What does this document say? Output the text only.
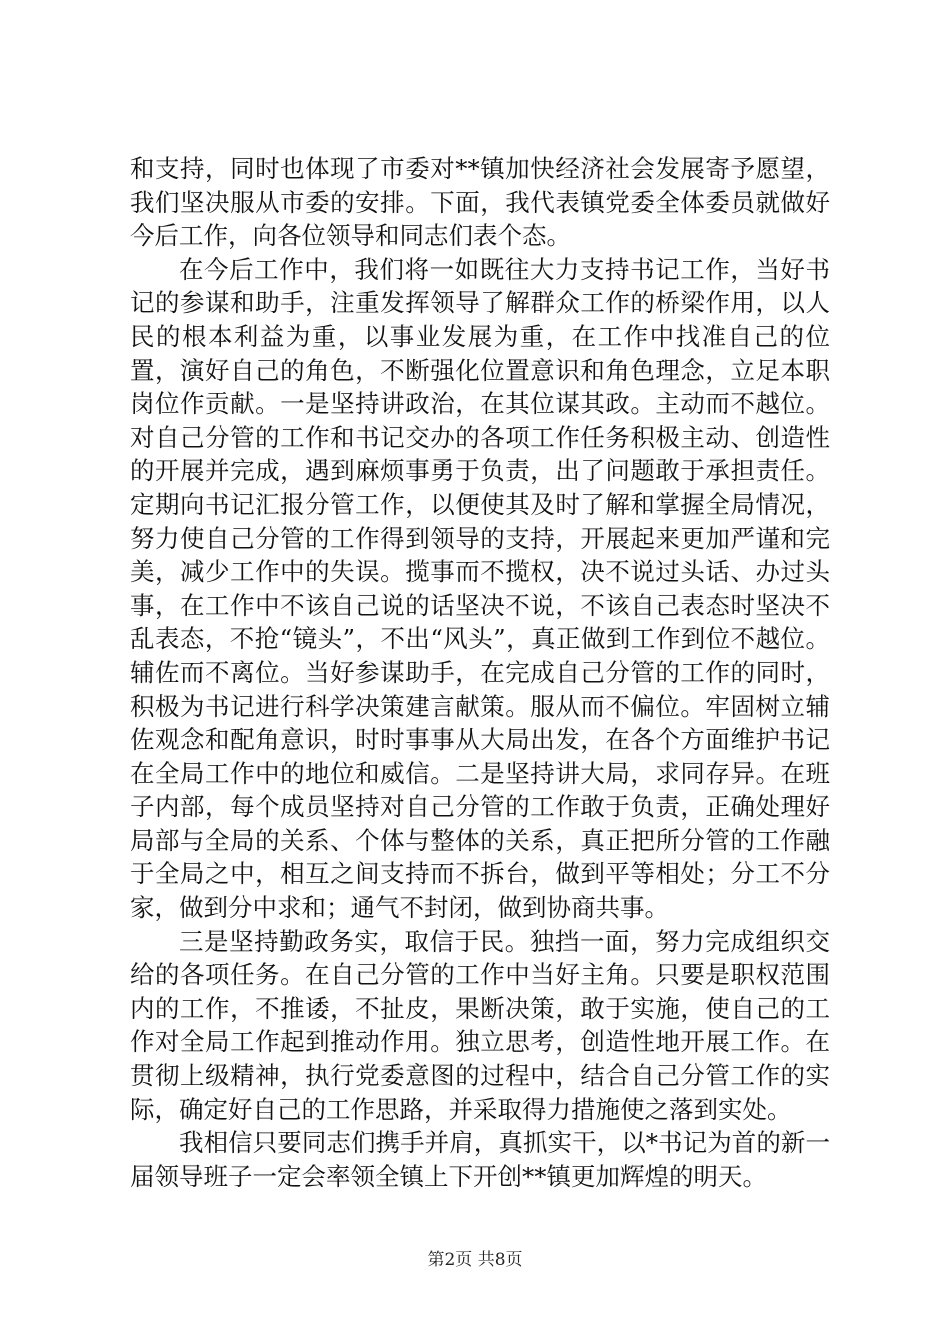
和支持，同时也体现了市委对**镇加快经济社会发展寄予愿望，我们坚决服从市委的安排。下面，我代表镇党委全体委员就做好今后工作，向各位领导和同志们表个态。

在今后工作中，我们将一如既往大力支持书记工作，当好书记的参谋和助手，注重发挥领导了解群众工作的桥梁作用，以人民的根本利益为重，以事业发展为重，在工作中找准自己的位置，演好自己的角色，不断强化位置意识和角色理念，立足本职岗位作贡献。一是坚持讲政治，在其位谋其政。主动而不越位。对自己分管的工作和书记交办的各项工作任务积极主动、创造性的开展并完成，遇到麻烦事勇于负责，出了问题敢于承担责任。定期向书记汇报分管工作，以便使其及时了解和掌握全局情况，努力使自己分管的工作得到领导的支持，开展起来更加严谨和完美，减少工作中的失误。揽事而不揽权，决不说过头话、办过头事，在工作中不该自己说的话坚决不说，不该自己表态时坚决不乱表态，不抢“镜头”，不出“风头”，真正做到工作到位不越位。辅佐而不离位。当好参谋助手，在完成自己分管的工作的同时，积极为书记进行科学决策建言献策。服从而不偏位。牢固树立辅佐观念和配角意识，时时事事从大局出发，在各个方面维护书记在全局工作中的地位和威信。二是坚持讲大局，求同存异。在班子内部，每个成员坚持对自己分管的工作敢于负责，正确处理好局部与全局的关系、个体与整体的关系，真正把所分管的工作融于全局之中，相互之间支持而不拆台，做到平等相处；分工不分家，做到分中求和；通气不封闭，做到协商共事。

三是坚持勤政务实，取信于民。独挡一面，努力完成组织交给的各项任务。在自己分管的工作中当好主角。只要是职权范围内的工作，不推诿，不扯皮，果断决策，敢于实施，使自己的工作对全局工作起到推动作用。独立思考，创造性地开展工作。在贯彻上级精神，执行党委意图的过程中，结合自己分管工作的实际，确定好自己的工作思路，并采取得力措施使之落到实处。

我相信只要同志们携手并肩，真抓实干，以*书记为首的新一届领导班子一定会率领全镇上下开创**镇更加辉煌的明天。

第2页 共8页
